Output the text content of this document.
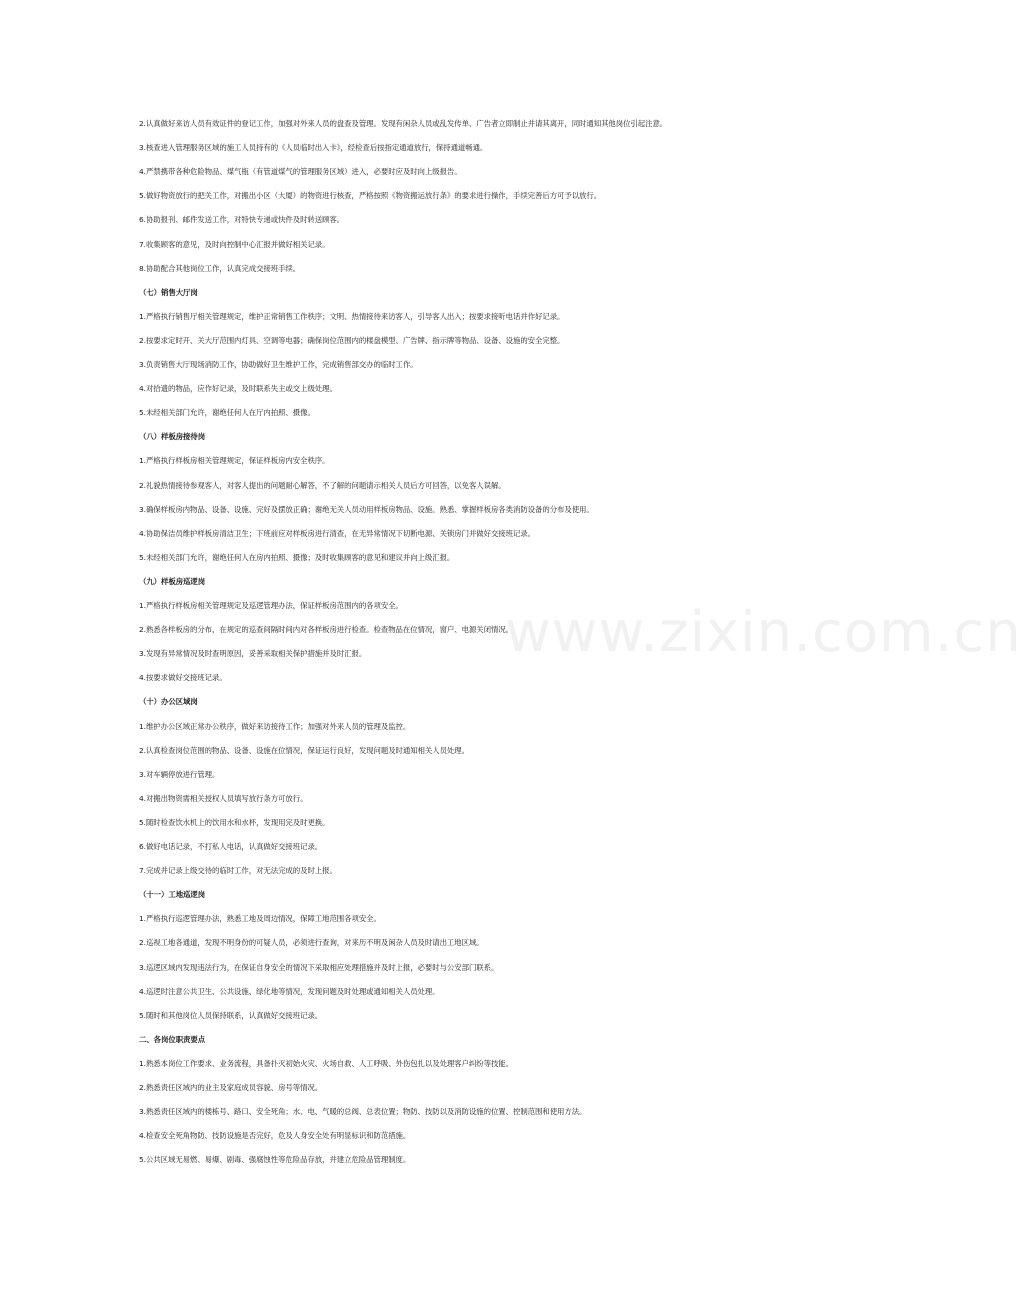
www.zixin.com.cn
2.认真做好来访人员有效证件的登记工作，加强对外来人员的盘查及管理。发现有闲杂人员或乱发传单、广告者立即制止并请其离开，同时通知其他岗位引起注意。
3.核查进入管理服务区域的施工人员持有的《人员临时出入卡》，经检查后按指定通道放行，保持通道畅通。
4.严禁携带各种危险物品、煤气瓶（有管道煤气的管理服务区域）进入，必要时应及时向上级报告。
5.做好物资放行的把关工作，对搬出小区（大厦）的物资进行核查，严格按照《物资搬运放行条》的要求进行操作，手续完善后方可予以放行。
6.协助报刊、邮件发送工作，对特快专递或快件及时转送顾客。
7.收集顾客的意见，及时向控制中心汇报并做好相关记录。
8.协助配合其他岗位工作，认真完成交接班手续。
（七）销售大厅岗
1.严格执行销售厅相关管理规定，维护正常销售工作秩序；文明、热情接待来访客人，引导客人出入；按要求接听电话并作好记录。
2.按要求定时开、关大厅范围内灯具、空调等电器；确保岗位范围内的楼盘模型、广告牌、指示牌等物品、设备、设施的安全完整。
3.负责销售大厅现场消防工作，协助做好卫生维护工作，完成销售部交办的临时工作。
4.对拾遗的物品，应作好记录，及时联系失主或交上级处理。
5.未经相关部门允许，谢绝任何人在厅内拍照、摄像。
（八）样板房接待岗
1.严格执行样板房相关管理规定，保证样板房内安全秩序。
2.礼貌热情接待参观客人，对客人提出的问题耐心解答，不了解的问题请示相关人员后方可回答，以免客人误解。
3.确保样板房内物品、设备、设施、完好及摆放正确；谢绝无关人员动用样板房物品、设施。熟悉、掌握样板房各类消防设备的分布及使用。
4.协助保洁员维护样板房清洁卫生；下班前应对样板房进行清查，在无异常情况下切断电源、关锁房门并做好交接班记录。
5.未经相关部门允许，谢绝任何人在房内拍照、摄像；及时收集顾客的意见和建议并向上级汇报。
（九）样板房巡逻岗
1.严格执行样板房相关管理规定及巡逻管理办法，保证样板房范围内的各项安全。
2.熟悉各样板房的分布，在规定的巡查间隔时间内对各样板房进行检查。检查物品在位情况，窗户、电源关闭情况。
3.发现有异常情况及时查明原因，妥善采取相关保护措施并及时汇报。
4.按要求做好交接班记录。
（十）办公区域岗
1.维护办公区域正常办公秩序，做好来访接待工作；加强对外来人员的管理及监控。
2.认真检查岗位范围的物品、设备、设施在位情况，保证运行良好，发现问题及时通知相关人员处理。
3.对车辆停放进行管理。
4.对搬出物资需相关授权人员填写放行条方可放行。
5.随时检查饮水机上的饮用水和水杯，发现用完及时更换。
6.做好电话记录，不打私人电话，认真做好交接班记录。
7.完成并记录上级交待的临时工作，对无法完成的及时上报。
（十一）工地巡逻岗
1.严格执行巡逻管理办法，熟悉工地及周边情况，保障工地范围各项安全。
2.巡视工地各通道，发现不明身份的可疑人员，必须进行查询，对来历不明及闲杂人员及时请出工地区域。
3.巡逻区域内发现违法行为，在保证自身安全的情况下采取相应处理措施并及时上报，必要时与公安部门联系。
4.巡逻时注意公共卫生、公共设施、绿化地等情况，发现问题及时处理或通知相关人员处理。
5.随时和其他岗位人员保持联系，认真做好交接班记录。
二、各岗位职责要点
1.熟悉本岗位工作要求、业务流程，具备扑灭初始火灾、火场自救、人工呼吸、外伤包扎以及处理客户纠纷等技能。
2.熟悉责任区域内的业主及家庭成员容貌、房号等情况。
3.熟悉责任区域内的楼栋号、路口、安全死角；水、电、气暖的总阀、总表位置；物防、技防以及消防设施的位置、控制范围和使用方法。
4.检查安全死角物防、技防设施是否完好，危及人身安全处有明显标识和防范措施。
5.公共区域无易燃、易爆、剧毒、强腐蚀性等危险品存放，并建立危险品管理制度。
